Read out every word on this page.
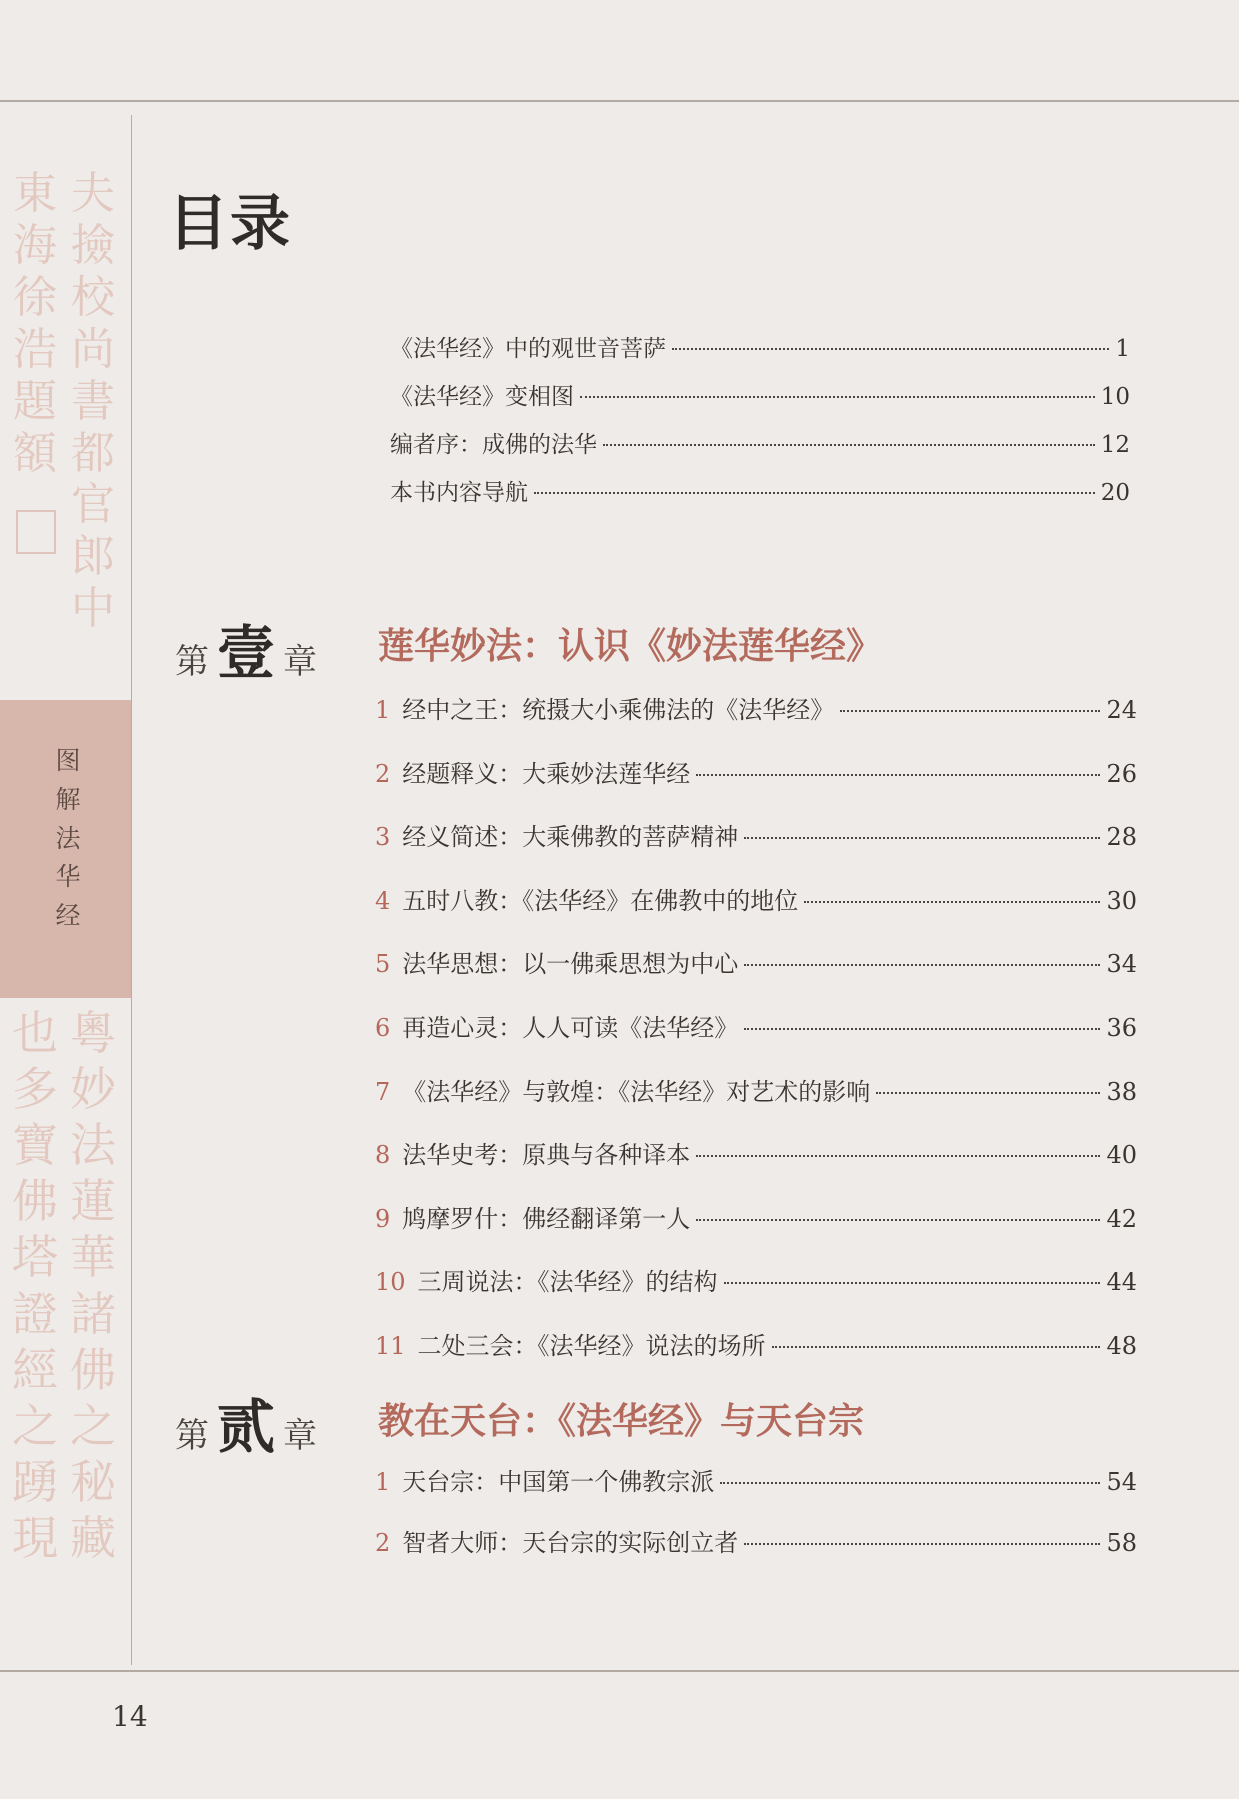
東海徐浩題額
夫撿校尚書都官郎中
图解法华经
粵妙法蓮華諸佛之秘藏
也多寶佛塔證經之踴現
目录
《法华经》中的观世音菩萨	1
《法华经》变相图	10
编者序：成佛的法华	12
本书内容导航	20
第 壹 章 莲华妙法：认识《妙法莲华经》
1 经中之王：统摄大小乘佛法的《法华经》	24
2 经题释义：大乘妙法莲华经	26
3 经义简述：大乘佛教的菩萨精神	28
4 五时八教：《法华经》在佛教中的地位	30
5 法华思想：以一佛乘思想为中心	34
6 再造心灵：人人可读《法华经》	36
7 《法华经》与敦煌：《法华经》对艺术的影响	38
8 法华史考：原典与各种译本	40
9 鸠摩罗什：佛经翻译第一人	42
10 三周说法：《法华经》的结构	44
11 二处三会：《法华经》说法的场所	48
第 贰 章 教在天台：《法华经》与天台宗
1 天台宗：中国第一个佛教宗派	54
2 智者大师：天台宗的实际创立者	58
14
